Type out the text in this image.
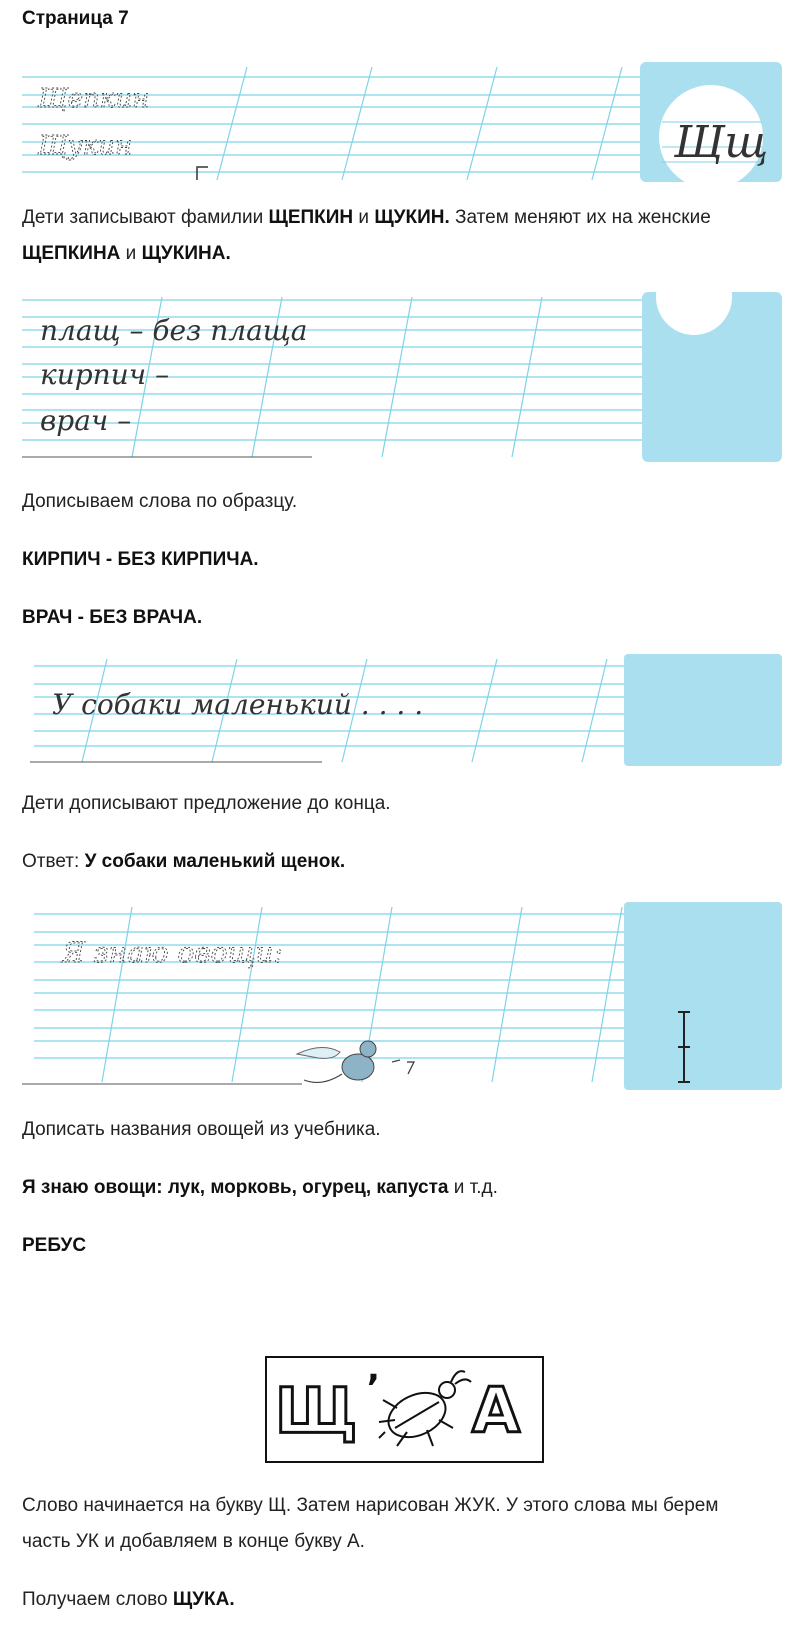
Страница 7
Щщ
Щепкин
Щукин
Дети записывают фамилии ЩЕПКИН и ЩУКИН. Затем меняют их на женские ЩЕПКИНА и ЩУКИНА.
плащ – без плаща
кирпич –
врач –
Дописываем слова по образцу.
КИРПИЧ - БЕЗ КИРПИЧА.
ВРАЧ - БЕЗ ВРАЧА.
У собаки маленький . . . .
Дети дописывают предложение до конца.
Ответ: У собаки маленький щенок.
Я знаю овощи:
Дописать названия овощей из учебника.
Я знаю овощи: лук, морковь, огурец, капуста и т.д.
РЕБУС
Щ
,
А
Слово начинается на букву Щ. Затем нарисован ЖУК. У этого слова мы берем часть УК и добавляем в конце букву А.
Получаем слово ЩУКА.
